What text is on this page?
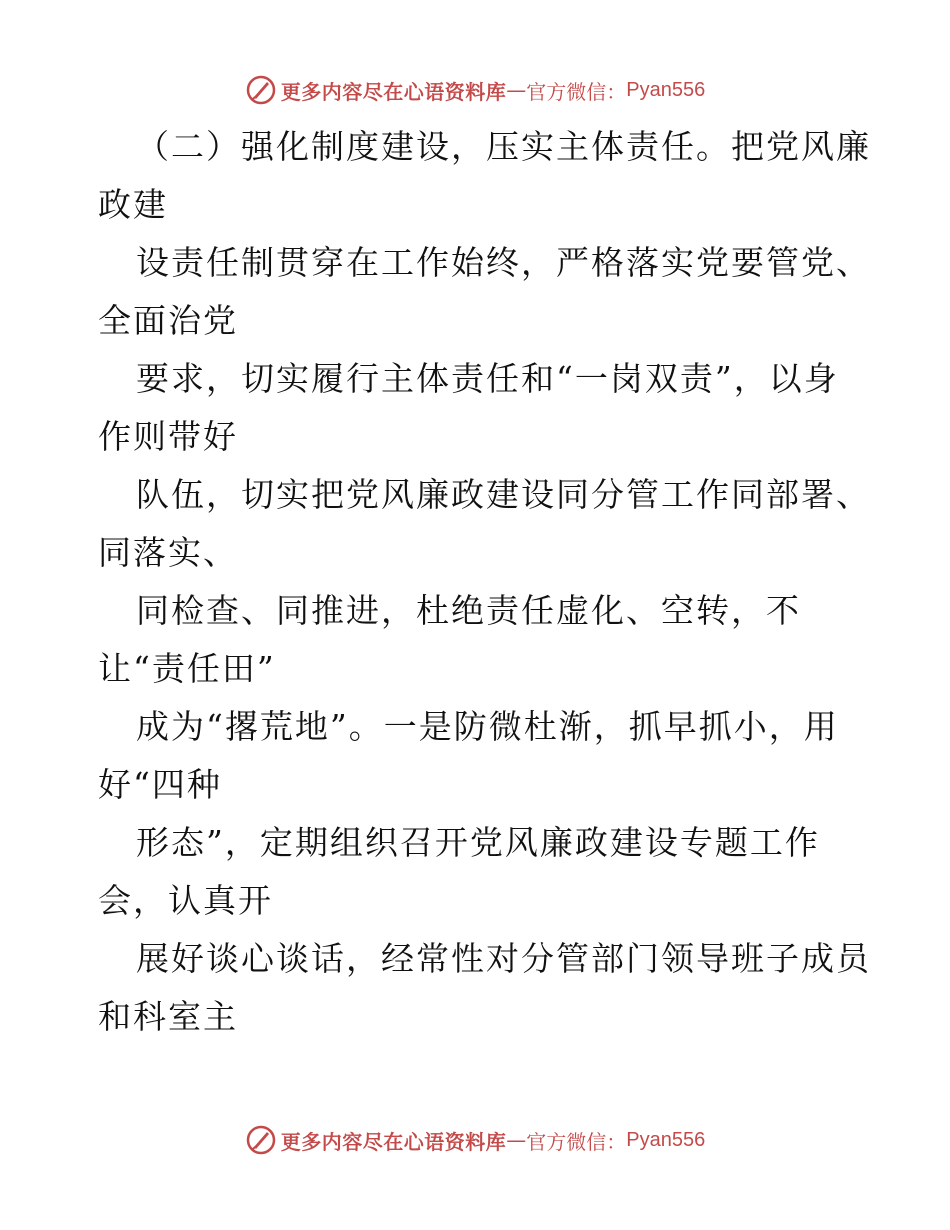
更多内容尽在心语资料库 — 官方微信： Pyan556
（二）强化制度建设，压实主体责任。把党风廉
政建
设责任制贯穿在工作始终，严格落实党要管党、
全面治党
要求，切实履行主体责任和“一岗双责”，以身
作则带好
队伍，切实把党风廉政建设同分管工作同部署、
同落实、
同检查、同推进，杜绝责任虚化、空转，不
让“责任田”
成为“撂荒地”。一是防微杜渐，抓早抓小，用
好“四种
形态”，定期组织召开党风廉政建设专题工作
会，认真开
展好谈心谈话，经常性对分管部门领导班子成员
和科室主
更多内容尽在心语资料库 — 官方微信： Pyan556
